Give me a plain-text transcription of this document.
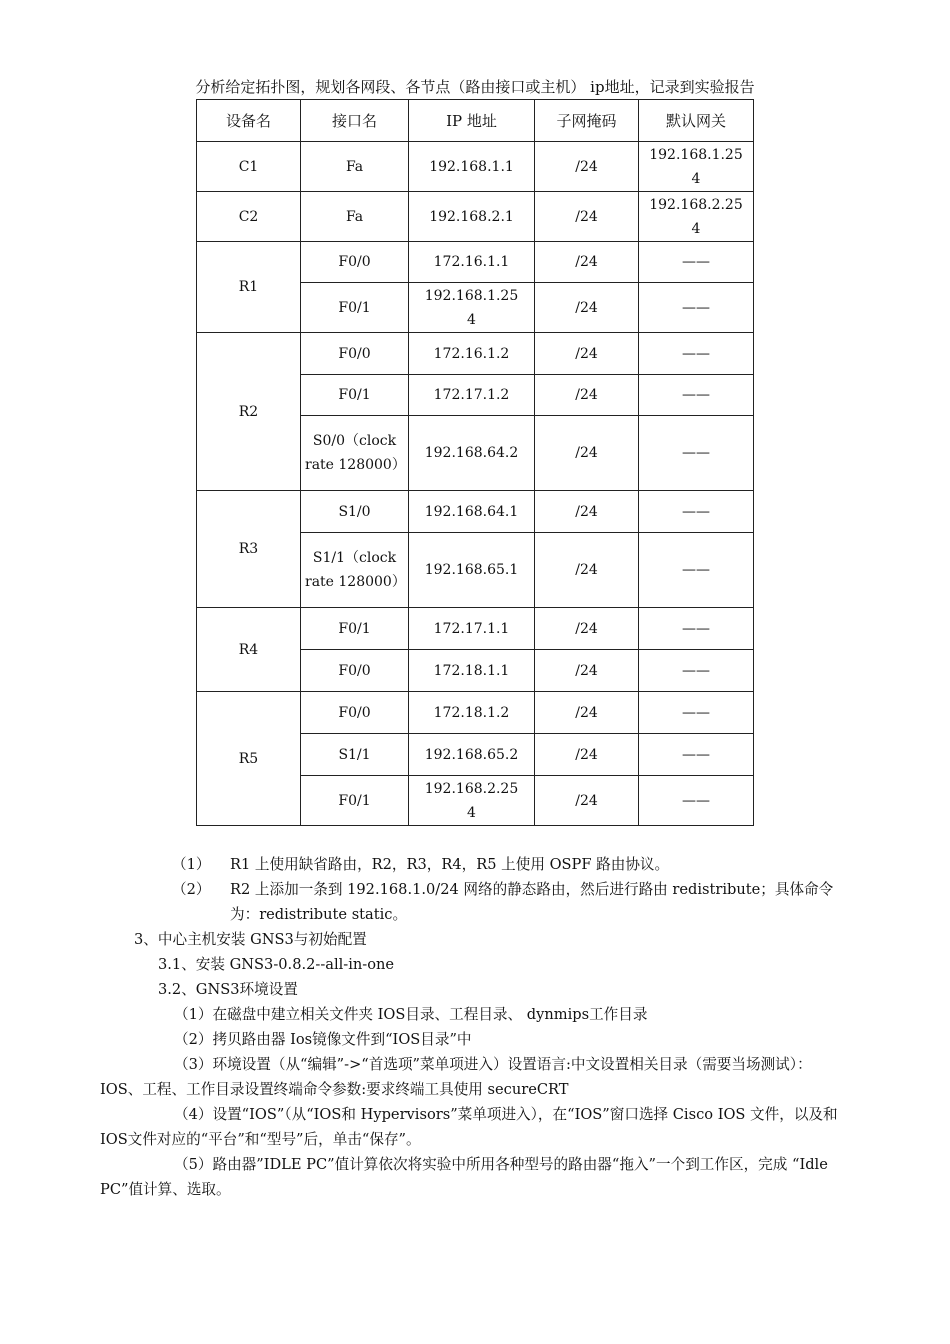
分析给定拓扑图，规划各网段、各节点（路由接口或主机） ip地址，记录到实验报告
设备名	接口名	IP 地址	子网掩码	默认网关
C1	Fa	192.168.1.1	/24	192.168.1.254
C2	Fa	192.168.2.1	/24	192.168.2.254
R1	F0/0	172.16.1.1	/24	——
	F0/1	192.168.1.254	/24	——
R2	F0/0	172.16.1.2	/24	——
	F0/1	172.17.1.2	/24	——
	S0/0（clock rate 128000）	192.168.64.2	/24	——
R3	S1/0	192.168.64.1	/24	——
	S1/1（clock rate 128000）	192.168.65.1	/24	——
R4	F0/1	172.17.1.1	/24	——
	F0/0	172.18.1.1	/24	——
R5	F0/0	172.18.1.2	/24	——
	S1/1	192.168.65.2	/24	——
	F0/1	192.168.2.254	/24	——
（1）	R1 上使用缺省路由，R2，R3，R4，R5 上使用 OSPF 路由协议。
（2）	R2 上添加一条到 192.168.1.0/24 网络的静态路由，然后进行路由 redistribute；具体命令为：redistribute static。

3、中心主机安装 GNS3与初始配置

3.1、安装 GNS3-0.8.2--all-in-one

3.2、GNS3环境设置

（1）在磁盘中建立相关文件夹 IOS目录、工程目录、 dynmips工作目录

（2）拷贝路由器 Ios镜像文件到“IOS目录”中

（3）环境设置（从“编辑”->“首选项”菜单项进入）设置语言:中文设置相关目录（需要当场测试）：IOS、工程、工作目录设置终端命令参数:要求终端工具使用 secureCRT

（4）设置“IOS”（从“IOS和 Hypervisors”菜单项进入），在“IOS”窗口选择 Cisco IOS 文件，以及和 IOS文件对应的“平台”和“型号”后，单击“保存”。

（5）路由器”IDLE PC”值计算依次将实验中所用各种型号的路由器“拖入”一个到工作区，完成 “Idle PC”值计算、选取。
